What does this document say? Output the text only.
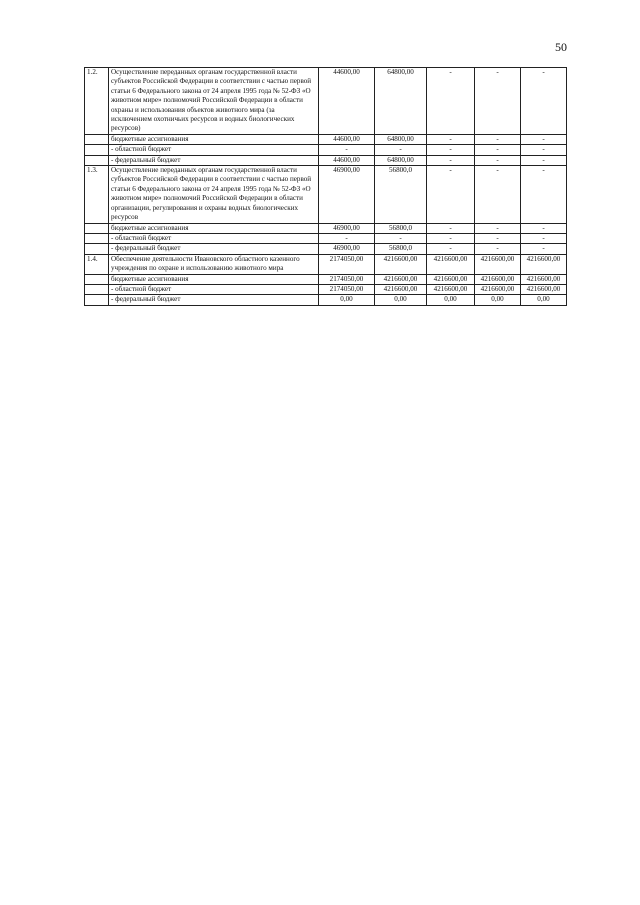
50
1.2.	Осуществление переданных органам государственной власти субъектов Российской Федерации в соответствии с частью первой статьи 6 Федерального закона от 24 апреля 1995 года № 52-ФЗ «О животном мире» полномочий Российской Федерации в области охраны и использования объектов животного мира (за исключением охотничьих ресурсов и водных биологических ресурсов)	44600,00	64800,00	-	-	-
	бюджетные ассигнования	44600,00	64800,00	-	-	-
	- областной бюджет	-	-	-	-	-
	- федеральный бюджет	44600,00	64800,00	-	-	-
1.3.	Осуществление переданных органам государственной власти субъектов Российской Федерации в соответствии с частью первой статьи 6 Федерального закона от 24 апреля 1995 года № 52-ФЗ «О животном мире» полномочий Российской Федерации в области организации, регулирования и охраны водных биологических ресурсов	46900,00	56800,0	-	-	-
	бюджетные ассигнования	46900,00	56800,0	-	-	-
	- областной бюджет	-	-	-	-	-
	- федеральный бюджет	46900,00	56800,0	-	-	-
1.4.	Обеспечение деятельности Ивановского областного казенного учреждения по охране и использованию животного мира	2174050,00	4216600,00	4216600,00	4216600,00	4216600,00
	бюджетные ассигнования	2174050,00	4216600,00	4216600,00	4216600,00	4216600,00
	- областной бюджет	2174050,00	4216600,00	4216600,00	4216600,00	4216600,00
	- федеральный бюджет	0,00	0,00	0,00	0,00	0,00
